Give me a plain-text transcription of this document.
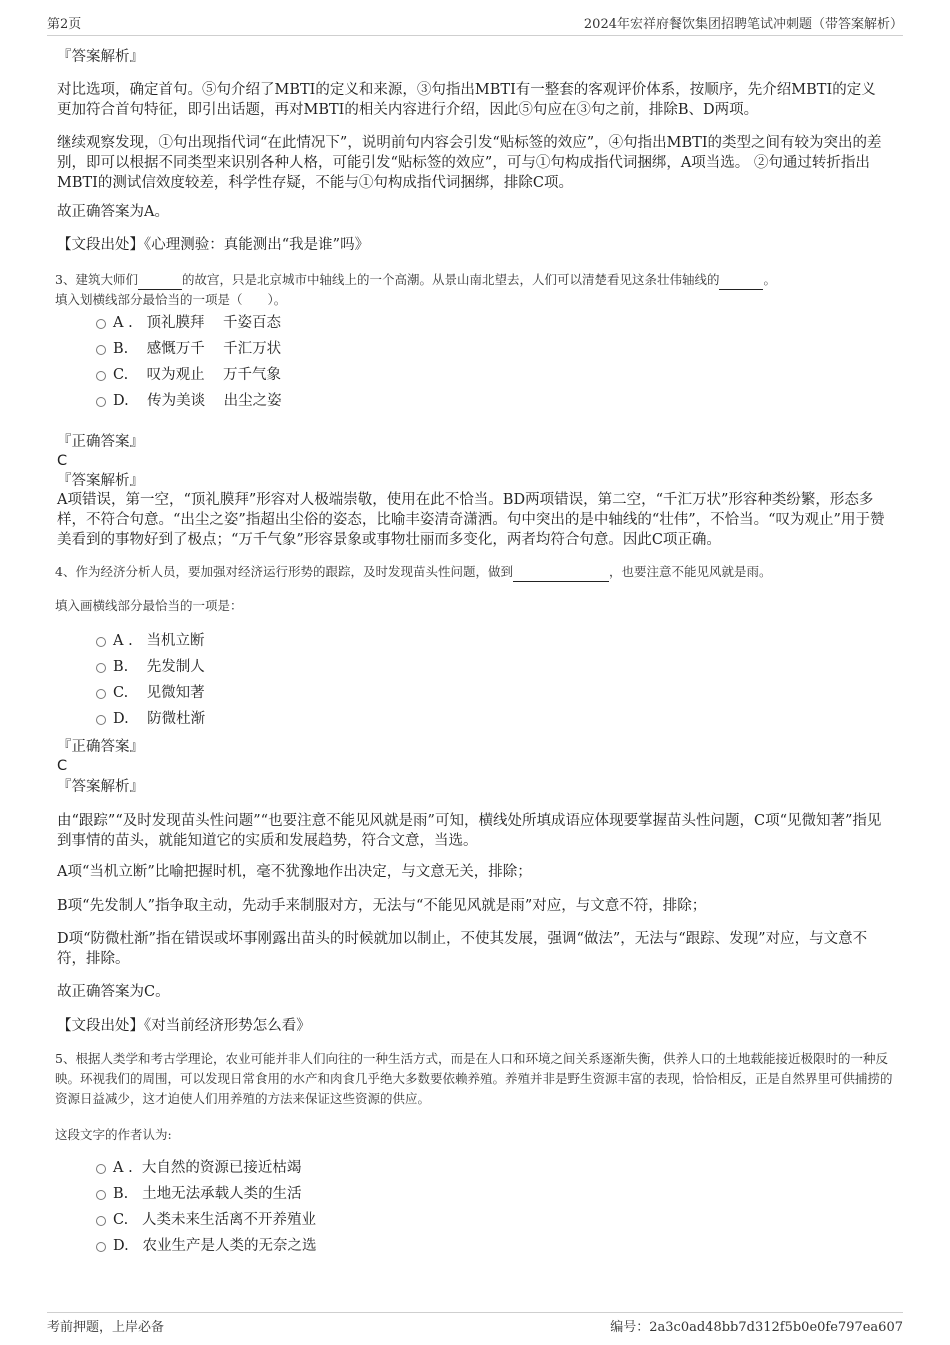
第2页	2024年宏祥府餐饮集团招聘笔试冲刺题（带答案解析）
『答案解析』

对比选项，确定首句。⑤句介绍了MBTI的定义和来源，③句指出MBTI有一整套的客观评价体系，按顺序，先介绍MBTI的定义更加符合首句特征，即引出话题，再对MBTI的相关内容进行介绍，因此⑤句应在③句之前，排除B、D两项。

继续观察发现，①句出现指代词“在此情况下”，说明前句内容会引发“贴标签的效应”，④句指出MBTI的类型之间有较为突出的差别，即可以根据不同类型来识别各种人格，可能引发“贴标签的效应”，可与①句构成指代词捆绑，A项当选。 ②句通过转折指出MBTI的测试信效度较差，科学性存疑，不能与①句构成指代词捆绑，排除C项。

故正确答案为A。
【文段出处】《心理测验：真能测出“我是谁”吗》
3、建筑大师们	的故宫，只是北京城市中轴线上的一个高潮。从景山南北望去，人们可以清楚看见这条壮伟轴线的	。
填入划横线部分最恰当的一项是（　　）。
A .   顶礼膜拜    千姿百态
B.    感慨万千    千汇万状
C.    叹为观止    万千气象
D.    传为美谈    出尘之姿
『正确答案』
C
『答案解析』

A项错误，第一空，“顶礼膜拜”形容对人极端崇敬，使用在此不恰当。BD两项错误，第二空，“千汇万状”形容种类纷繁，形态多样，不符合句意。“出尘之姿”指超出尘俗的姿态，比喻丰姿清奇潇洒。句中突出的是中轴线的“壮伟”，不恰当。“叹为观止”用于赞美看到的事物好到了极点；“万千气象”形容景象或事物壮丽而多变化，两者均符合句意。因此C项正确。

4、作为经济分析人员，要加强对经济运行形势的跟踪，及时发现苗头性问题，做到	，也要注意不能见风就是雨。
填入画横线部分最恰当的一项是：
A .   当机立断
B.    先发制人
C.    见微知著
D.    防微杜渐
『正确答案』
C
『答案解析』

由“跟踪”“及时发现苗头性问题”“也要注意不能见风就是雨”可知，横线处所填成语应体现要掌握苗头性问题，C项“见微知著”指见到事情的苗头，就能知道它的实质和发展趋势，符合文意，当选。

A项“当机立断”比喻把握时机，毫不犹豫地作出决定，与文意无关，排除；

B项“先发制人”指争取主动，先动手来制服对方，无法与“不能见风就是雨”对应，与文意不符，排除；

D项“防微杜渐”指在错误或坏事刚露出苗头的时候就加以制止，不使其发展，强调“做法”，无法与“跟踪、发现”对应，与文意不符，排除。

故正确答案为C。
【文段出处】《对当前经济形势怎么看》

5、根据人类学和考古学理论，农业可能并非人们向往的一种生活方式，而是在人口和环境之间关系逐渐失衡，供养人口的土地载能接近极限时的一种反映。环视我们的周围，可以发现日常食用的水产和肉食几乎绝大多数要依赖养殖。养殖并非是野生资源丰富的表现，恰恰相反，正是自然界里可供捕捞的资源日益减少，这才迫使人们用养殖的方法来保证这些资源的供应。

这段文字的作者认为:
A .  大自然的资源已接近枯竭
B.   土地无法承载人类的生活
C.   人类未来生活离不开养殖业
D.   农业生产是人类的无奈之选
考前押题，上岸必备	编号：2a3c0ad48bb7d312f5b0e0fe797ea607
